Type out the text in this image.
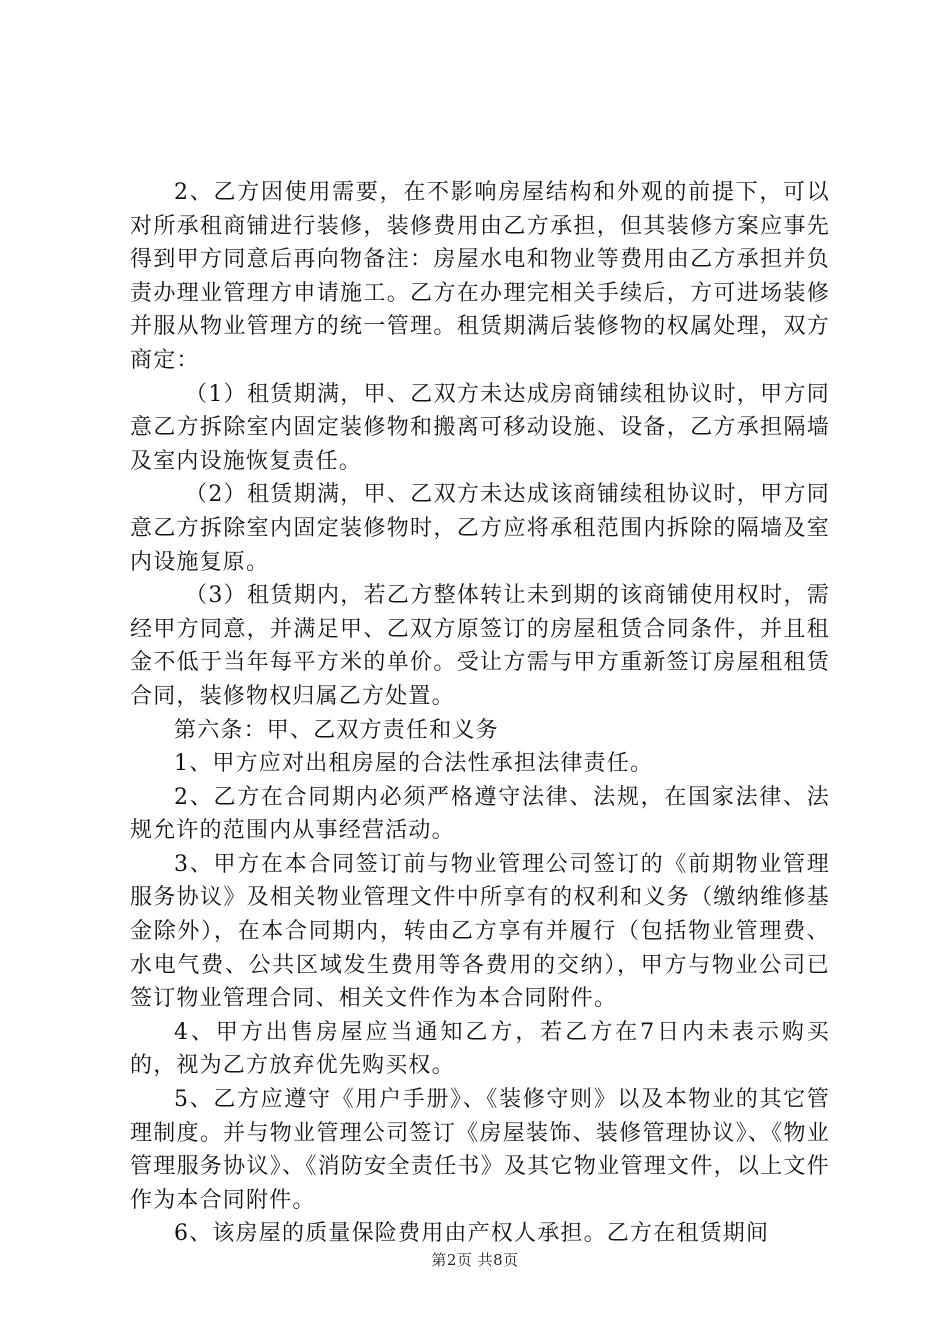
2、乙方因使用需要，在不影响房屋结构和外观的前提下，可以对所承租商铺进行装修，装修费用由乙方承担，但其装修方案应事先得到甲方同意后再向物备注：房屋水电和物业等费用由乙方承担并负责办理业管理方申请施工。乙方在办理完相关手续后，方可进场装修并服从物业管理方的统一管理。租赁期满后装修物的权属处理，双方商定：

（1）租赁期满，甲、乙双方未达成房商铺续租协议时，甲方同意乙方拆除室内固定装修物和搬离可移动设施、设备，乙方承担隔墙及室内设施恢复责任。

（2）租赁期满，甲、乙双方未达成该商铺续租协议时，甲方同意乙方拆除室内固定装修物时，乙方应将承租范围内拆除的隔墙及室内设施复原。

（3）租赁期内，若乙方整体转让未到期的该商铺使用权时，需经甲方同意，并满足甲、乙双方原签订的房屋租赁合同条件，并且租金不低于当年每平方米的单价。受让方需与甲方重新签订房屋租租赁合同，装修物权归属乙方处置。

第六条：甲、乙双方责任和义务

1、甲方应对出租房屋的合法性承担法律责任。

2、乙方在合同期内必须严格遵守法律、法规，在国家法律、法规允许的范围内从事经营活动。

3、甲方在本合同签订前与物业管理公司签订的《前期物业管理服务协议》及相关物业管理文件中所享有的权利和义务（缴纳维修基金除外），在本合同期内，转由乙方享有并履行（包括物业管理费、水电气费、公共区域发生费用等各费用的交纳），甲方与物业公司已签订物业管理合同、相关文件作为本合同附件。

4、甲方出售房屋应当通知乙方，若乙方在7日内未表示购买的，视为乙方放弃优先购买权。

5、乙方应遵守《用户手册》、《装修守则》以及本物业的其它管理制度。并与物业管理公司签订《房屋装饰、装修管理协议》、《物业管理服务协议》、《消防安全责任书》及其它物业管理文件，以上文件作为本合同附件。

6、该房屋的质量保险费用由产权人承担。乙方在租赁期间

第2页 共8页
